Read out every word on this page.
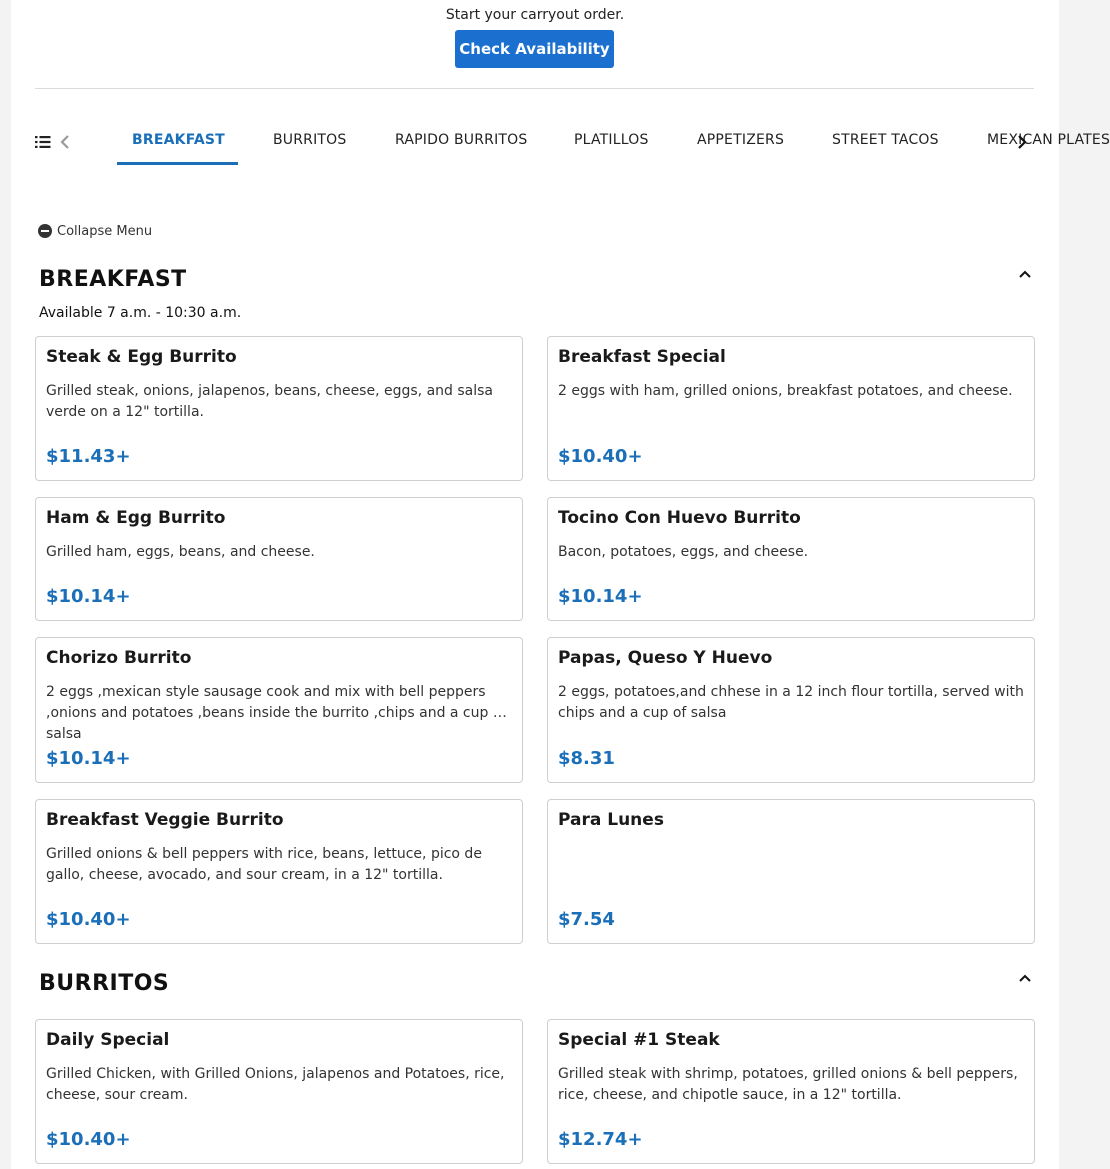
Start your carryout order.
Check Availability
BREAKFAST	BURRITOS	RAPIDO BURRITOS	PLATILLOS	APPETIZERS	STREET TACOS	MEXICAN PLATES
Collapse Menu
BREAKFAST
Available 7 a.m. - 10:30 a.m.
Steak & Egg Burrito
Grilled steak, onions, jalapenos, beans, cheese, eggs, and salsa verde on a 12" tortilla.
$11.43+
Breakfast Special
2 eggs with ham, grilled onions, breakfast potatoes, and cheese.
$10.40+
Ham & Egg Burrito
Grilled ham, eggs, beans, and cheese.
$10.14+
Tocino Con Huevo Burrito
Bacon, potatoes, eggs, and cheese.
$10.14+
Chorizo Burrito
2 eggs ,mexican style sausage cook and mix with bell peppers ,onions and potatoes ,beans inside the burrito ,chips and a cup of salsa
$10.14+
Papas, Queso Y Huevo
2 eggs, potatoes,and chhese in a 12 inch flour tortilla, served with chips and a cup of salsa
$8.31
Breakfast Veggie Burrito
Grilled onions & bell peppers with rice, beans, lettuce, pico de gallo, cheese, avocado, and sour cream, in a 12" tortilla.
$10.40+
Para Lunes
$7.54
BURRITOS
Daily Special
Grilled Chicken, with Grilled Onions, jalapenos and Potatoes, rice, cheese, sour cream.
$10.40+
Special #1 Steak
Grilled steak with shrimp, potatoes, grilled onions & bell peppers, rice, cheese, and chipotle sauce, in a 12" tortilla.
$12.74+
